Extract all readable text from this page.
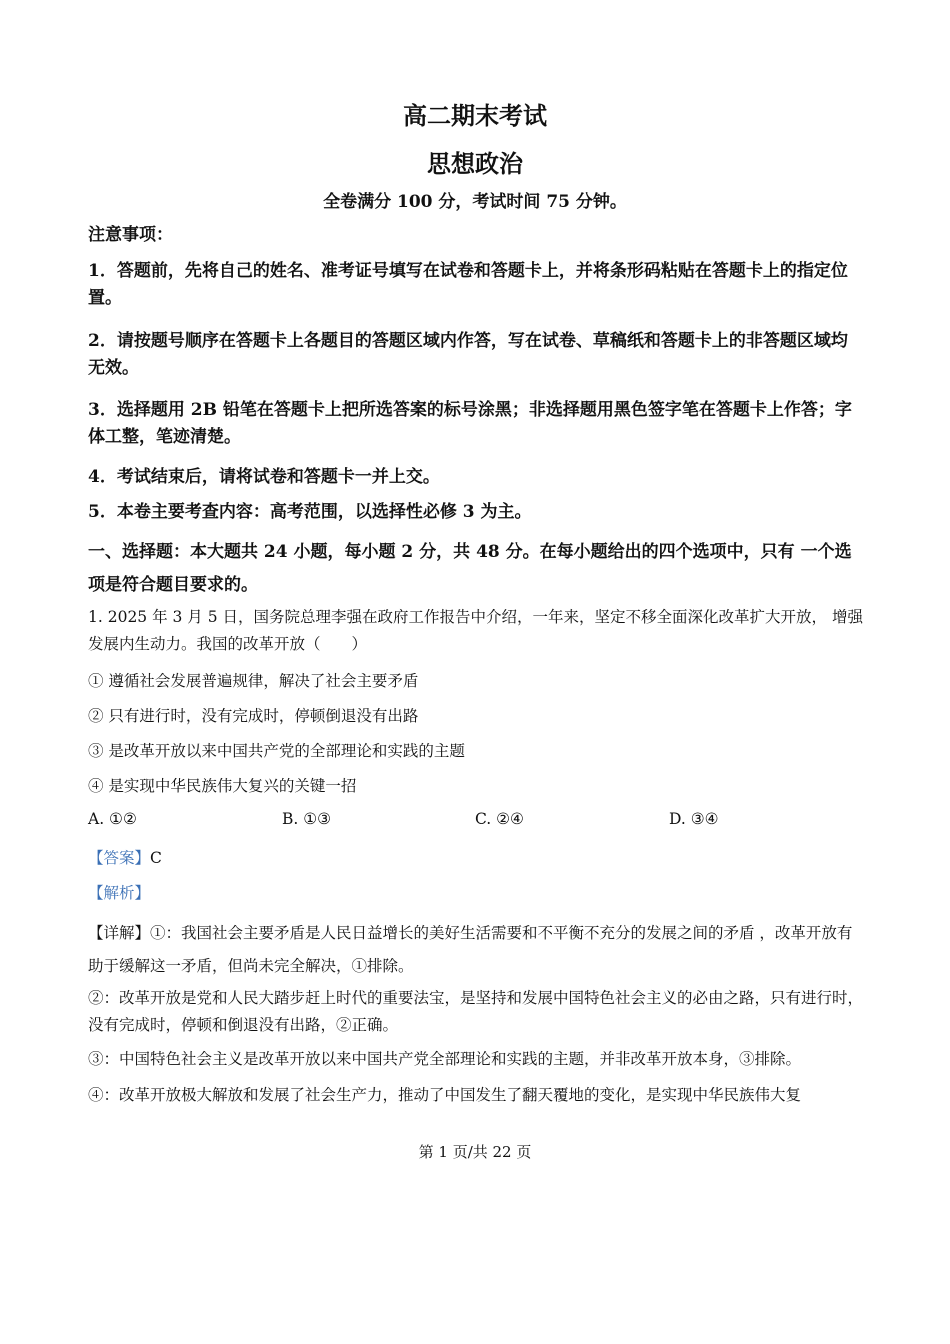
高二期末考试
思想政治
全卷满分 100 分，考试时间 75 分钟。
注意事项：
1．答题前，先将自己的姓名、准考证号填写在试卷和答题卡上，并将条形码粘贴在答题卡上的指定位置。
2．请按题号顺序在答题卡上各题目的答题区域内作答，写在试卷、草稿纸和答题卡上的非答题区域均无效。
3．选择题用 2B 铅笔在答题卡上把所选答案的标号涂黑；非选择题用黑色签字笔在答题卡上作答；字体工整，笔迹清楚。
4．考试结束后，请将试卷和答题卡一并上交。
5．本卷主要考查内容：高考范围，以选择性必修 3 为主。
一、选择题：本大题共 24 小题，每小题 2 分，共 48 分。在每小题给出的四个选项中，只有 一个选项是符合题目要求的。
1. 2025 年 3 月 5 日，国务院总理李强在政府工作报告中介绍，一年来，坚定不移全面深化改革扩大开放， 增强发展内生动力。我国的改革开放（　　）
① 遵循社会发展普遍规律，解决了社会主要矛盾
② 只有进行时，没有完成时，停顿倒退没有出路
③ 是改革开放以来中国共产党的全部理论和实践的主题
④ 是实现中华民族伟大复兴的关键一招
A. ①②	B. ①③	C. ②④	D. ③④
【答案】C
【解析】
【详解】①：我国社会主要矛盾是人民日益增长的美好生活需要和不平衡不充分的发展之间的矛盾 ，改革开放有助于缓解这一矛盾，但尚未完全解决，①排除。
②：改革开放是党和人民大踏步赶上时代的重要法宝，是坚持和发展中国特色社会主义的必由之路，只有进行时，没有完成时，停顿和倒退没有出路，②正确。
③：中国特色社会主义是改革开放以来中国共产党全部理论和实践的主题，并非改革开放本身，③排除。
④：改革开放极大解放和发展了社会生产力，推动了中国发生了翻天覆地的变化，是实现中华民族伟大复
第 1 页/共 22 页
